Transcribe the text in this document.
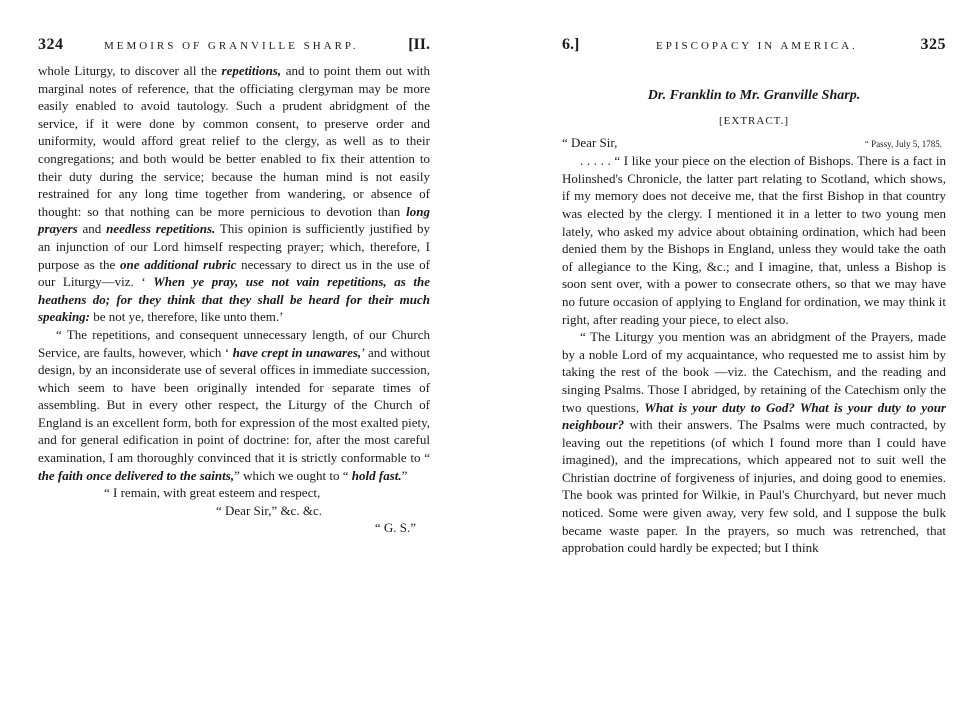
324	MEMOIRS OF GRANVILLE SHARP.	[II.

whole Liturgy, to discover all the repetitions, and to point them out with marginal notes of reference, that the officiating clergyman may be more easily enabled to avoid tautology. Such a prudent abridgment of the service, if it were done by common consent, to preserve order and uniformity, would afford great relief to the clergy, as well as to their congregations; and both would be better enabled to fix their attention to their duty during the service; because the human mind is not easily restrained for any long time together from wandering, or absence of thought: so that nothing can be more pernicious to devotion than long prayers and needless repetitions. This opinion is sufficiently justified by an injunction of our Lord himself respecting prayer; which, therefore, I purpose as the one additional rubric necessary to direct us in the use of our Liturgy—viz. ‘ When ye pray, use not vain repetitions, as the heathens do; for they think that they shall be heard for their much speaking: be not ye, therefore, like unto them.’

“ The repetitions, and consequent unnecessary length, of our Church Service, are faults, however, which ‘ have crept in unawares,’ and without design, by an inconsiderate use of several offices in immediate succession, which seem to have been originally intended for separate times of assembling. But in every other respect, the Liturgy of the Church of England is an excellent form, both for expression of the most exalted piety, and for general edification in point of doctrine: for, after the most careful examination, I am thoroughly convinced that it is strictly conformable to “ the faith once delivered to the saints,” which we ought to “ hold fast.”

“ I remain, with great esteem and respect,

“ Dear Sir,” &c. &c.

“ G. S.”

6.]	EPISCOPACY IN AMERICA.	325
Dr. Franklin to Mr. Granville Sharp.
[EXTRACT.]
“ Dear Sir,	“ Passy, July 5, 1785.

. . . . . “ I like your piece on the election of Bishops. There is a fact in Holinshed's Chronicle, the latter part relating to Scotland, which shows, if my memory does not deceive me, that the first Bishop in that country was elected by the clergy. I mentioned it in a letter to two young men lately, who asked my advice about obtaining ordination, which had been denied them by the Bishops in England, unless they would take the oath of allegiance to the King, &c.; and I imagine, that, unless a Bishop is soon sent over, with a power to consecrate others, so that we may have no future occasion of applying to England for ordination, we may think it right, after reading your piece, to elect also.

“ The Liturgy you mention was an abridgment of the Prayers, made by a noble Lord of my acquaintance, who requested me to assist him by taking the rest of the book —viz. the Catechism, and the reading and singing Psalms. Those I abridged, by retaining of the Catechism only the two questions, What is your duty to God? What is your duty to your neighbour? with their answers. The Psalms were much contracted, by leaving out the repetitions (of which I found more than I could have imagined), and the imprecations, which appeared not to suit well the Christian doctrine of forgiveness of injuries, and doing good to enemies. The book was printed for Wilkie, in Paul's Churchyard, but never much noticed. Some were given away, very few sold, and I suppose the bulk became waste paper. In the prayers, so much was retrenched, that approbation could hardly be expected; but I think
